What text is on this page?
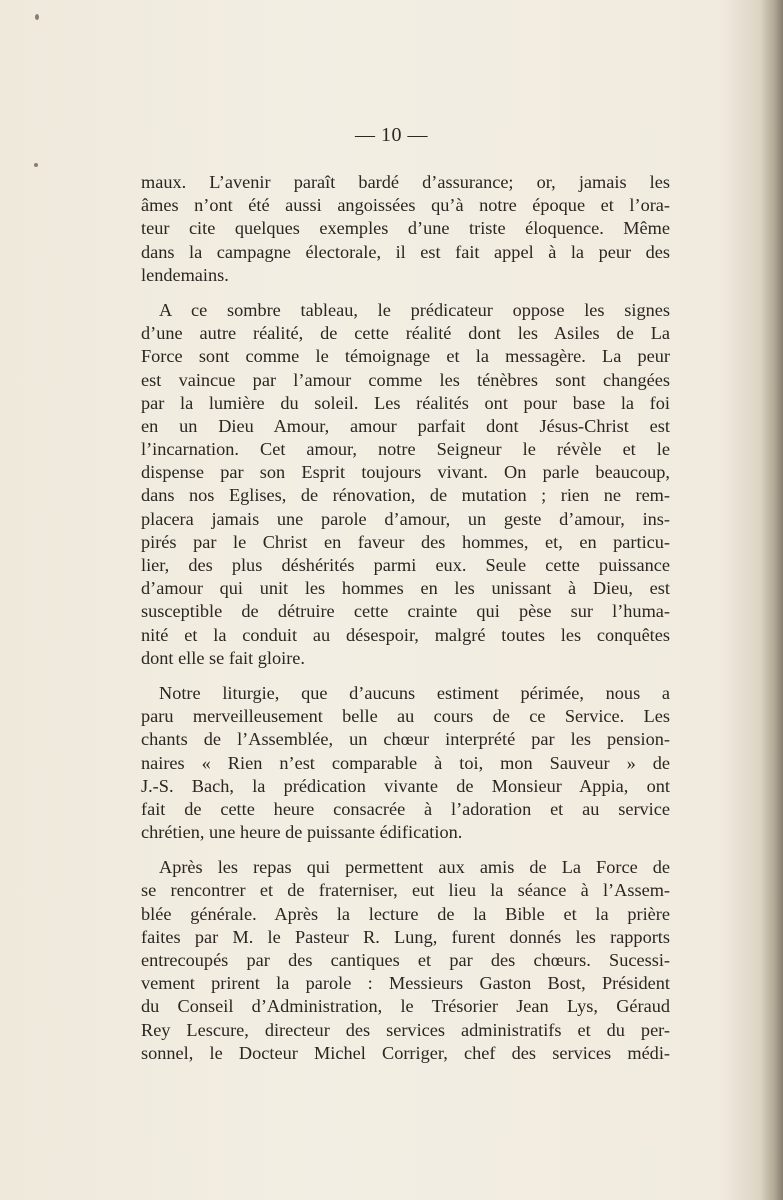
— 10 —
maux. L’avenir paraît bardé d’assurance; or, jamais les
âmes n’ont été aussi angoissées qu’à notre époque et l’ora-
teur cite quelques exemples d’une triste éloquence. Même
dans la campagne électorale, il est fait appel à la peur des
lendemains.
A ce sombre tableau, le prédicateur oppose les signes
d’une autre réalité, de cette réalité dont les Asiles de La
Force sont comme le témoignage et la messagère. La peur
est vaincue par l’amour comme les ténèbres sont changées
par la lumière du soleil. Les réalités ont pour base la foi
en un Dieu Amour, amour parfait dont Jésus-Christ est
l’incarnation. Cet amour, notre Seigneur le révèle et le
dispense par son Esprit toujours vivant. On parle beaucoup,
dans nos Eglises, de rénovation, de mutation ; rien ne rem-
placera jamais une parole d’amour, un geste d’amour, ins-
pirés par le Christ en faveur des hommes, et, en particu-
lier, des plus déshérités parmi eux. Seule cette puissance
d’amour qui unit les hommes en les unissant à Dieu, est
susceptible de détruire cette crainte qui pèse sur l’huma-
nité et la conduit au désespoir, malgré toutes les conquêtes
dont elle se fait gloire.
Notre liturgie, que d’aucuns estiment périmée, nous a
paru merveilleusement belle au cours de ce Service. Les
chants de l’Assemblée, un chœur interprété par les pension-
naires « Rien n’est comparable à toi, mon Sauveur » de
J.-S. Bach, la prédication vivante de Monsieur Appia, ont
fait de cette heure consacrée à l’adoration et au service
chrétien, une heure de puissante édification.
Après les repas qui permettent aux amis de La Force de
se rencontrer et de fraterniser, eut lieu la séance à l’Assem-
blée générale. Après la lecture de la Bible et la prière
faites par M. le Pasteur R. Lung, furent donnés les rapports
entrecoupés par des cantiques et par des chœurs. Sucessi-
vement prirent la parole : Messieurs Gaston Bost, Président
du Conseil d’Administration, le Trésorier Jean Lys, Géraud
Rey Lescure, directeur des services administratifs et du per-
sonnel, le Docteur Michel Corriger, chef des services médi-
